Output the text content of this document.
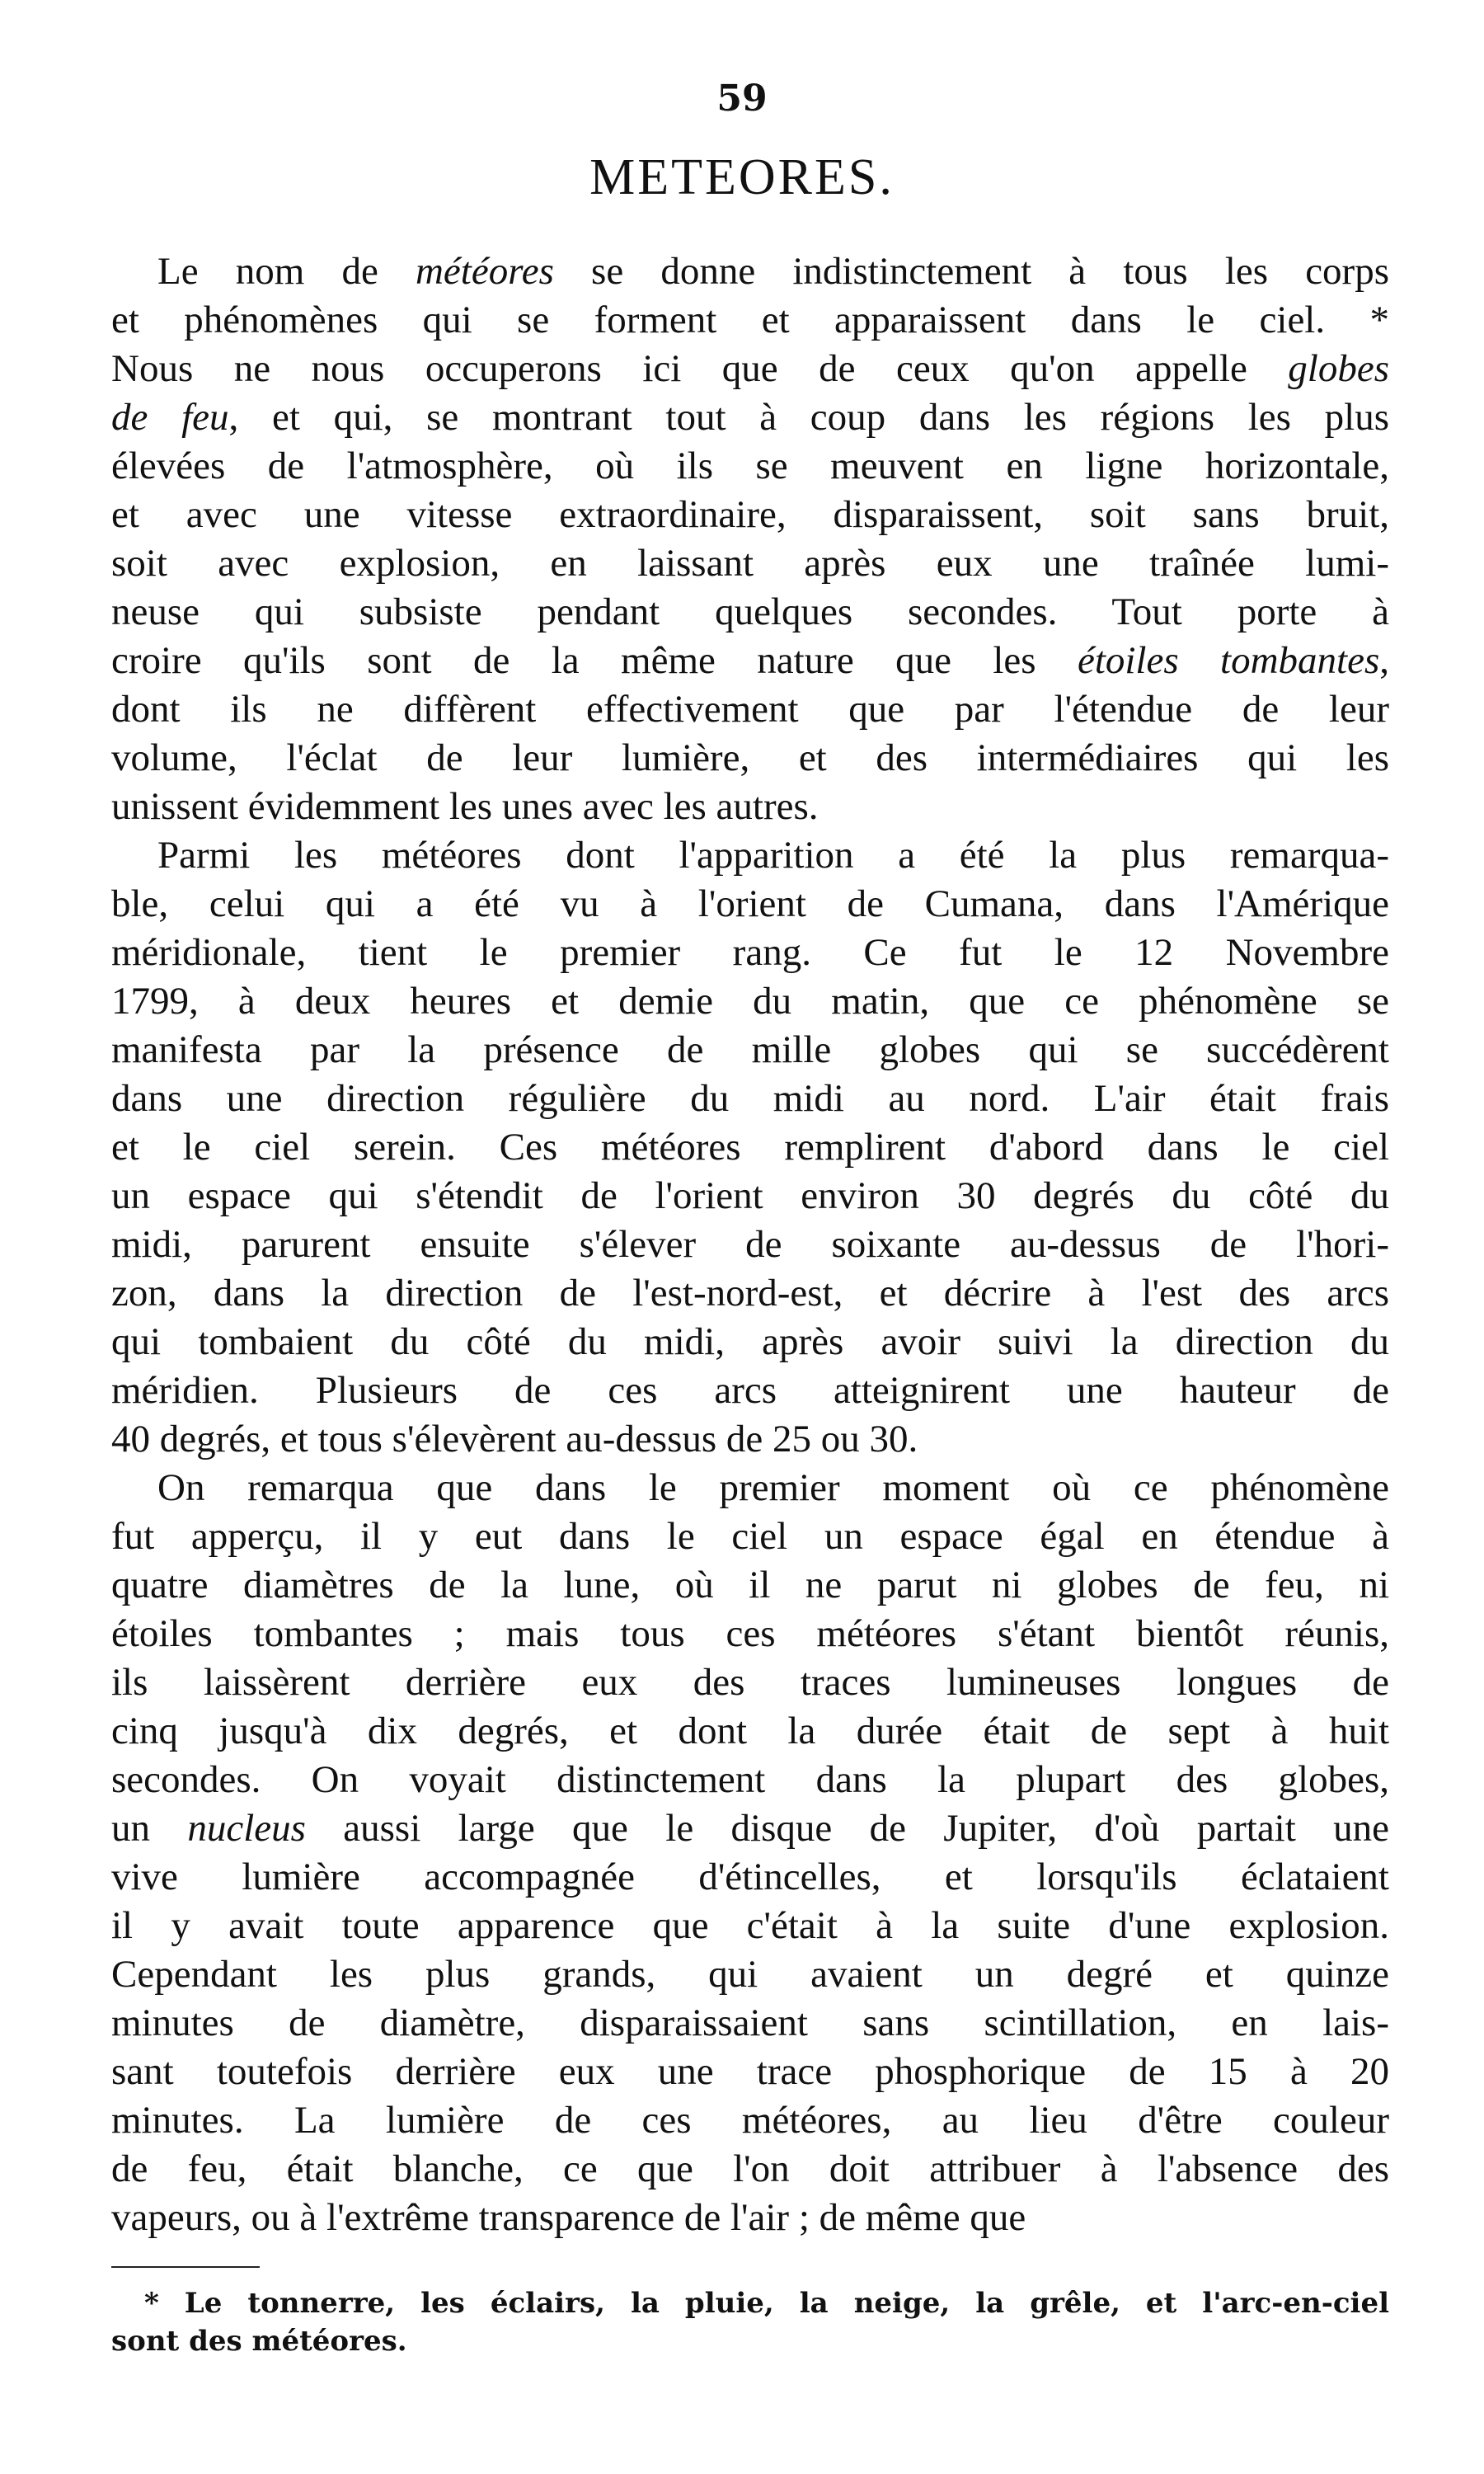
59
METEORES.

Le nom de météores se donne indistinctement à tous les corps

et phénomènes qui se forment et apparaissent dans le ciel. *

Nous ne nous occuperons ici que de ceux qu'on appelle globes

de feu, et qui, se montrant tout à coup dans les régions les plus

élevées de l'atmosphère, où ils se meuvent en ligne horizontale,

et avec une vitesse extraordinaire, disparaissent, soit sans bruit,

soit avec explosion, en laissant après eux une traînée lumi-

neuse qui subsiste pendant quelques secondes. Tout porte à

croire qu'ils sont de la même nature que les étoiles tombantes,

dont ils ne diffèrent effectivement que par l'étendue de leur

volume, l'éclat de leur lumière, et des intermédiaires qui les

unissent évidemment les unes avec les autres.

Parmi les météores dont l'apparition a été la plus remarqua-

ble, celui qui a été vu à l'orient de Cumana, dans l'Amérique

méridionale, tient le premier rang. Ce fut le 12 Novembre

1799, à deux heures et demie du matin, que ce phénomène se

manifesta par la présence de mille globes qui se succédèrent

dans une direction régulière du midi au nord. L'air était frais

et le ciel serein. Ces météores remplirent d'abord dans le ciel

un espace qui s'étendit de l'orient environ 30 degrés du côté du

midi, parurent ensuite s'élever de soixante au-dessus de l'hori-

zon, dans la direction de l'est-nord-est, et décrire à l'est des arcs

qui tombaient du côté du midi, après avoir suivi la direction du

méridien. Plusieurs de ces arcs atteignirent une hauteur de

40 degrés, et tous s'élevèrent au-dessus de 25 ou 30.

On remarqua que dans le premier moment où ce phénomène

fut apperçu, il y eut dans le ciel un espace égal en étendue à

quatre diamètres de la lune, où il ne parut ni globes de feu, ni

étoiles tombantes ; mais tous ces météores s'étant bientôt réunis,

ils laissèrent derrière eux des traces lumineuses longues de

cinq jusqu'à dix degrés, et dont la durée était de sept à huit

secondes. On voyait distinctement dans la plupart des globes,

un nucleus aussi large que le disque de Jupiter, d'où partait une

vive lumière accompagnée d'étincelles, et lorsqu'ils éclataient

il y avait toute apparence que c'était à la suite d'une explosion.

Cependant les plus grands, qui avaient un degré et quinze

minutes de diamètre, disparaissaient sans scintillation, en lais-

sant toutefois derrière eux une trace phosphorique de 15 à 20

minutes. La lumière de ces météores, au lieu d'être couleur

de feu, était blanche, ce que l'on doit attribuer à l'absence des

vapeurs, ou à l'extrême transparence de l'air ; de même que

* Le tonnerre, les éclairs, la pluie, la neige, la grêle, et l'arc-en-ciel

sont des météores.
